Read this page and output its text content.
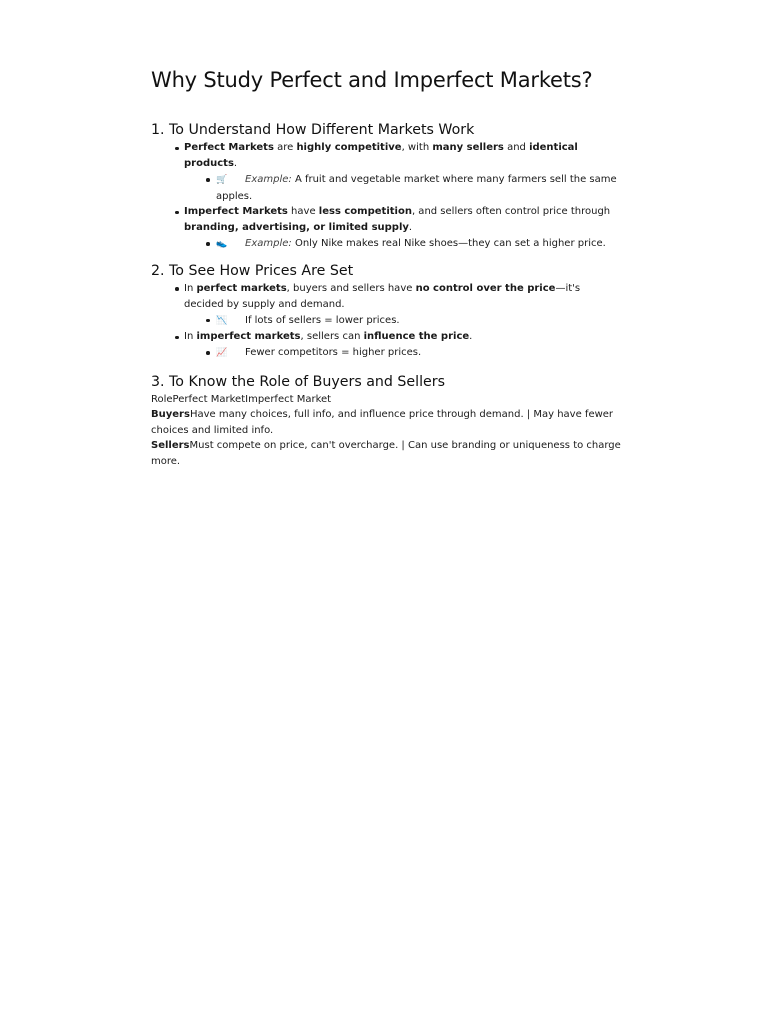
Why Study Perfect and Imperfect Markets?
1. To Understand How Different Markets Work
Perfect Markets are highly competitive, with many sellers and identical products.
🛒 Example: A fruit and vegetable market where many farmers sell the same apples.
Imperfect Markets have less competition, and sellers often control price through branding, advertising, or limited supply.
👟 Example: Only Nike makes real Nike shoes—they can set a higher price.
2. To See How Prices Are Set
In perfect markets, buyers and sellers have no control over the price—it's decided by supply and demand.
📉 If lots of sellers = lower prices.
In imperfect markets, sellers can influence the price.
📈 Fewer competitors = higher prices.
3. To Know the Role of Buyers and Sellers
RolePerfect MarketImperfect Market
BuyersHave many choices, full info, and influence price through demand. | May have fewer choices and limited info.
SellersMust compete on price, can't overcharge. | Can use branding or uniqueness to charge more.
